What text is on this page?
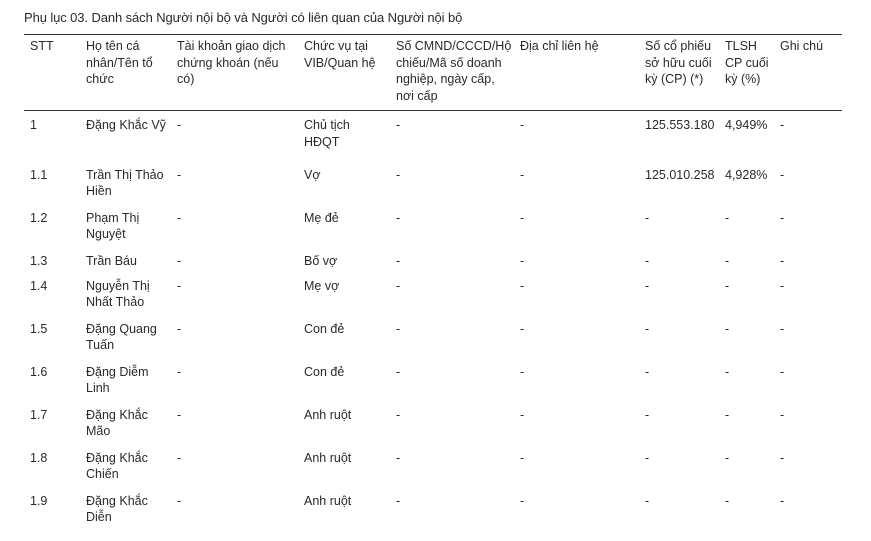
Phụ lục 03. Danh sách Người nội bộ và Người có liên quan của Người nội bộ
STT	Họ tên cá nhân/Tên tổ chức	Tài khoản giao dịch chứng khoán (nếu có)	Chức vụ tại VIB/Quan hệ	Số CMND/CCCD/Hộ chiếu/Mã số doanh nghiệp, ngày cấp, nơi cấp	Địa chỉ liên hệ	Số cổ phiếu sở hữu cuối kỳ (CP) (*)	TLSH CP cuối kỳ (%)	Ghi chú
1	Đặng Khắc Vỹ	-	Chủ tịch HĐQT	-	-	125.553.180	4,949%	-
1.1	Trần Thị Thảo Hiền	-	Vợ	-	-	125.010.258	4,928%	-
1.2	Phạm Thị Nguyệt	-	Mẹ đẻ	-	-	-	-	-
1.3	Trần Báu	-	Bố vợ	-	-	-	-	-
1.4	Nguyễn Thị Nhất Thảo	-	Mẹ vợ	-	-	-	-	-
1.5	Đặng Quang Tuấn	-	Con đẻ	-	-	-	-	-
1.6	Đặng Diễm Linh	-	Con đẻ	-	-	-	-	-
1.7	Đặng Khắc Mão	-	Anh ruột	-	-	-	-	-
1.8	Đặng Khắc Chiến	-	Anh ruột	-	-	-	-	-
1.9	Đặng Khắc Diễn	-	Anh ruột	-	-	-	-	-
